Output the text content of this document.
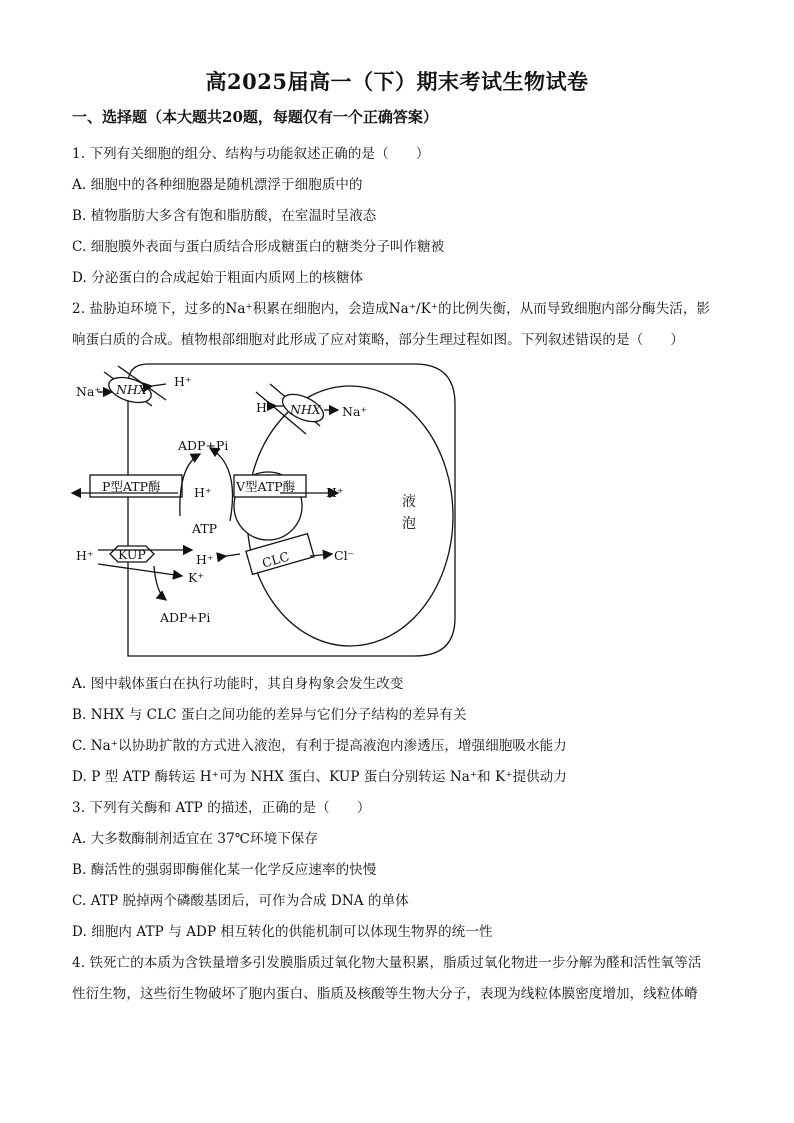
高2025届高一（下）期末考试生物试卷
一、选择题（本大题共20题，每题仅有一个正确答案）
1. 下列有关细胞的组分、结构与功能叙述正确的是（　　）
A. 细胞中的各种细胞器是随机漂浮于细胞质中的
B. 植物脂肪大多含有饱和脂肪酸，在室温时呈液态
C. 细胞膜外表面与蛋白质结合形成糖蛋白的糖类分子叫作糖被
D. 分泌蛋白的合成起始于粗面内质网上的核糖体
2. 盐胁迫环境下，过多的Na⁺积累在细胞内，会造成Na⁺/K⁺的比例失衡，从而导致细胞内部分酶失活，影
响蛋白质的合成。植物根部细胞对此形成了应对策略，部分生理过程如图。下列叙述错误的是（　　）
Na⁺ NHX
H⁺
ADP+Pi
P型ATP酶	H⁺
ATP
V型ATP酶 H⁺
H⁺ NHX Na⁺
液
泡
H⁺ KUP	H⁺
K⁺
CLC	Cl⁻
ADP+Pi
A. 图中载体蛋白在执行功能时，其自身构象会发生改变
B. NHX 与 CLC 蛋白之间功能的差异与它们分子结构的差异有关
C. Na⁺以协助扩散的方式进入液泡，有利于提高液泡内渗透压，增强细胞吸水能力
D. P 型 ATP 酶转运 H⁺可为 NHX 蛋白、KUP 蛋白分别转运 Na⁺和 K⁺提供动力
3. 下列有关酶和 ATP 的描述，正确的是（　　）
A. 大多数酶制剂适宜在 37℃环境下保存
B. 酶活性的强弱即酶催化某一化学反应速率的快慢
C. ATP 脱掉两个磷酸基团后，可作为合成 DNA 的单体
D. 细胞内 ATP 与 ADP 相互转化的供能机制可以体现生物界的统一性
4. 铁死亡的本质为含铁量增多引发膜脂质过氧化物大量积累，脂质过氧化物进一步分解为醛和活性氧等活
性衍生物，这些衍生物破坏了胞内蛋白、脂质及核酸等生物大分子，表现为线粒体膜密度增加，线粒体嵴
